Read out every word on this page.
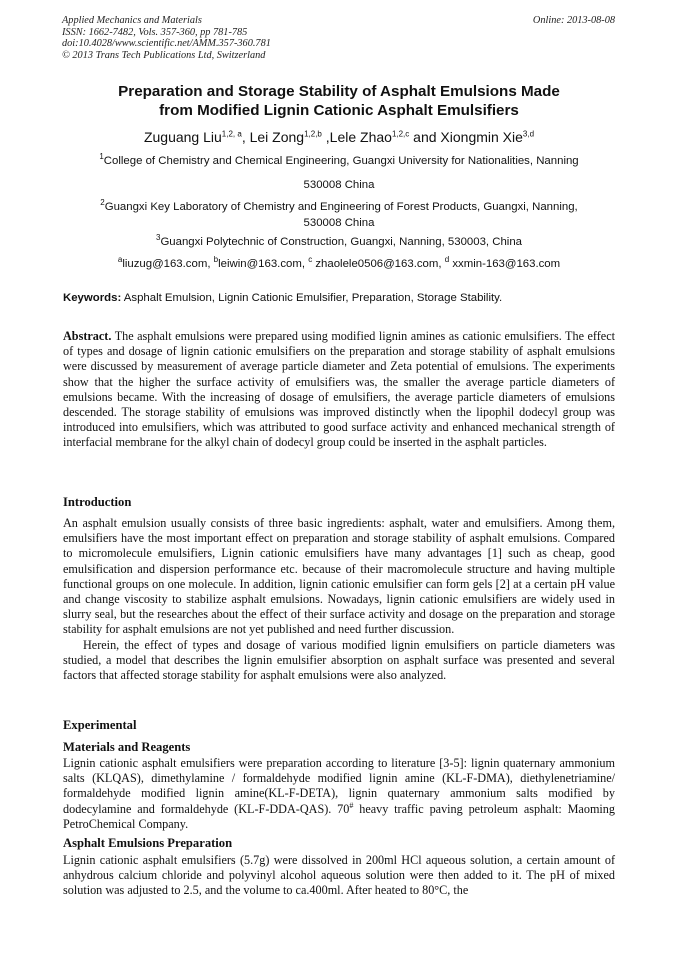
Applied Mechanics and Materials
ISSN: 1662-7482, Vols. 357-360, pp 781-785
doi:10.4028/www.scientific.net/AMM.357-360.781
© 2013 Trans Tech Publications Ltd, Switzerland
Online: 2013-08-08
Preparation and Storage Stability of Asphalt Emulsions Made
from Modified Lignin Cationic Asphalt Emulsifiers
Zuguang Liu$^{1,2, a}$, Lei Zong$^{1,2,b}$ ,Lele Zhao$^{1,2,c}$ and Xiongmin Xie$^{3,d}$
$^1$College of Chemistry and Chemical Engineering, Guangxi University for Nationalities, Nanning
530008 China
$^2$Guangxi Key Laboratory of Chemistry and Engineering of Forest Products, Guangxi, Nanning,
530008 China
$^3$Guangxi Polytechnic of Construction, Guangxi, Nanning, 530003, China
$^a$liuzug@163.com, $^b$leiwin@163.com, $^c$ zhaolele0506@163.com, $^d$ xxmin-163@163.com
Keywords: Asphalt Emulsion, Lignin Cationic Emulsifier, Preparation, Storage Stability.

Abstract. The asphalt emulsions were prepared using modified lignin amines as cationic emulsifiers. The effect of types and dosage of lignin cationic emulsifiers on the preparation and storage stability of asphalt emulsions were discussed by measurement of average particle diameter and Zeta potential of emulsions. The experiments show that the higher the surface activity of emulsifiers was, the smaller the average particle diameters of emulsions became. With the increasing of dosage of emulsifiers, the average particle diameters of emulsions descended. The storage stability of emulsions was improved distinctly when the lipophil dodecyl group was introduced into emulsifiers, which was attributed to good surface activity and enhanced mechanical strength of interfacial membrane for the alkyl chain of dodecyl group could be inserted in the asphalt particles.

Introduction

An asphalt emulsion usually consists of three basic ingredients: asphalt, water and emulsifiers. Among them, emulsifiers have the most important effect on preparation and storage stability of asphalt emulsions. Compared to micromolecule emulsifiers, Lignin cationic emulsifiers have many advantages [1] such as cheap, good emulsification and dispersion performance etc. because of their macromolecule structure and having multiple functional groups on one molecule. In addition, lignin cationic emulsifier can form gels [2] at a certain pH value and change viscosity to stabilize asphalt emulsions. Nowadays, lignin cationic emulsifiers are widely used in slurry seal, but the researches about the effect of their surface activity and dosage on the preparation and storage stability for asphalt emulsions are not yet published and need further discussion.

Herein, the effect of types and dosage of various modified lignin emulsifiers on particle diameters was studied, a model that describes the lignin emulsifier absorption on asphalt surface was presented and several factors that affected storage stability for asphalt emulsions were also analyzed.

Experimental
Materials and Reagents

Lignin cationic asphalt emulsifiers were preparation according to literature [3-5]: lignin quaternary ammonium salts (KLQAS), dimethylamine / formaldehyde modified lignin amine (KL-F-DMA), diethylenetriamine/ formaldehyde modified lignin amine(KL-F-DETA), lignin quaternary ammonium salts modified by dodecylamine and formaldehyde (KL-F-DDA-QAS). 70# heavy traffic paving petroleum asphalt: Maoming PetroChemical Company.

Asphalt Emulsions Preparation

Lignin cationic asphalt emulsifiers (5.7g) were dissolved in 200ml HCl aqueous solution, a certain amount of anhydrous calcium chloride and polyvinyl alcohol aqueous solution were then added to it. The pH of mixed solution was adjusted to 2.5, and the volume to ca.400ml. After heated to 80°C, the
